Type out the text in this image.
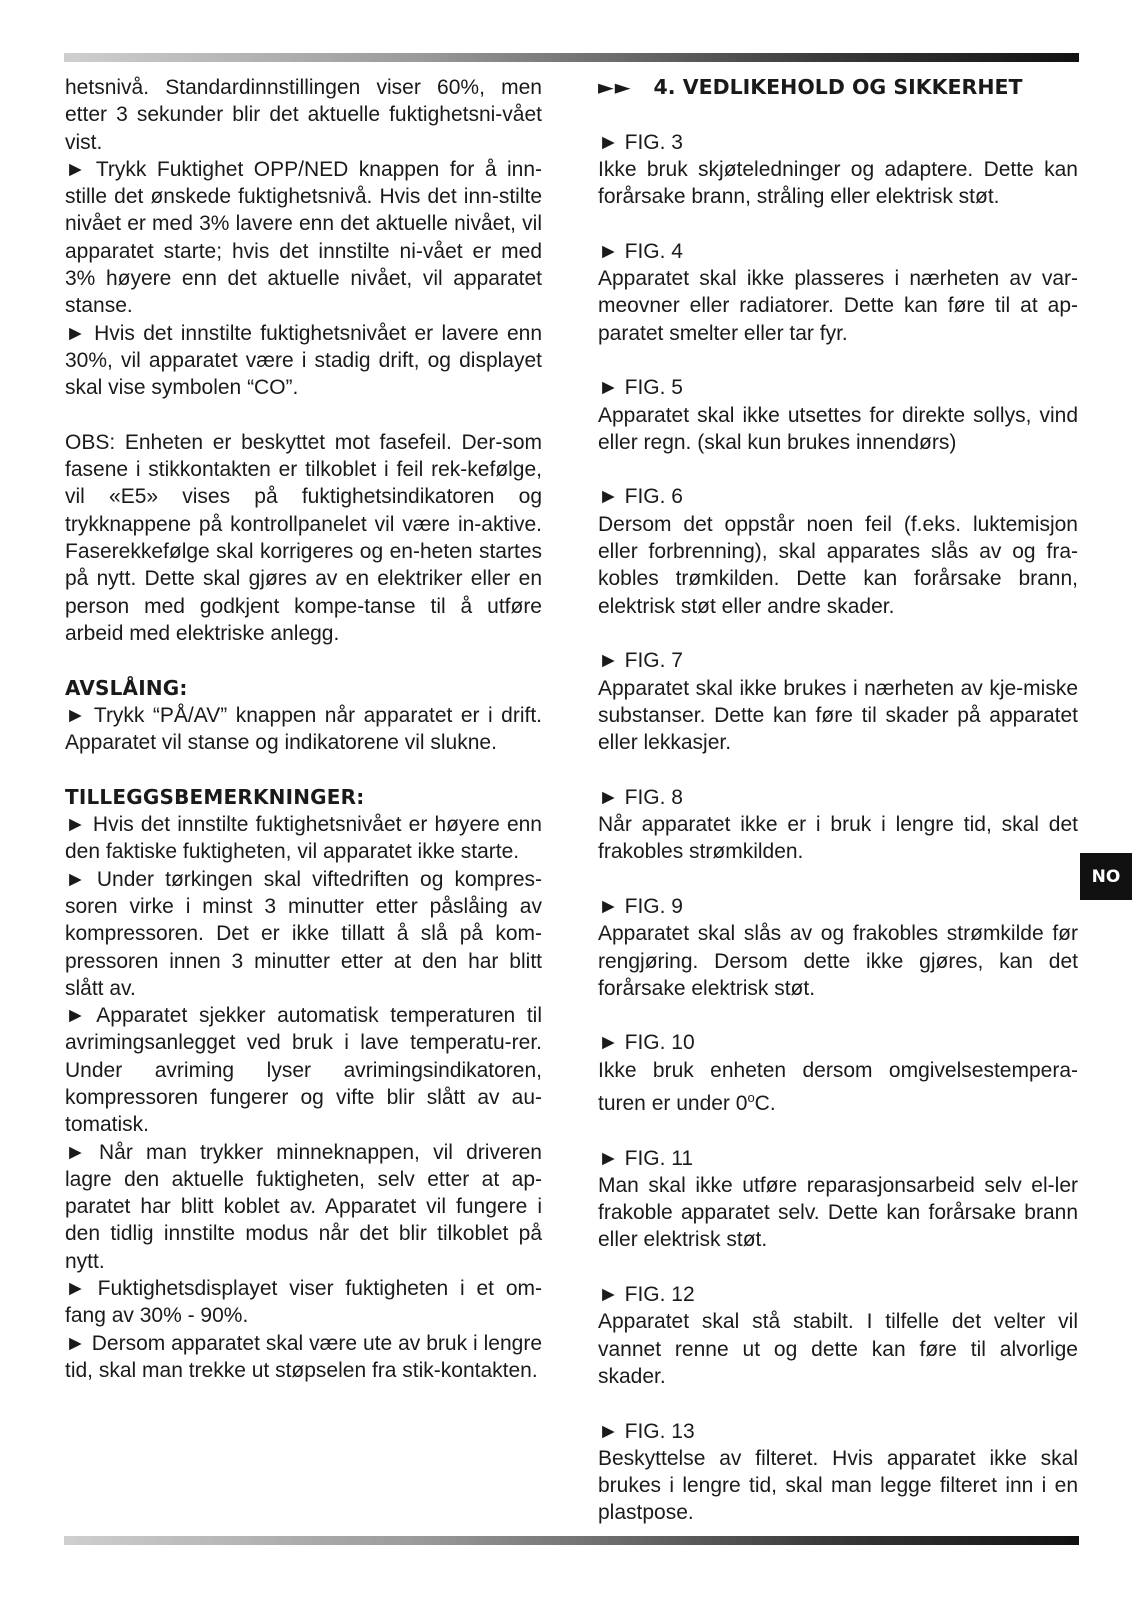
hetsnivå. Standardinnstillingen viser 60%, men etter 3 sekunder blir det aktuelle fuktighetsni-vået vist.

► Trykk Fuktighet OPP/NED knappen for å inn-stille det ønskede fuktighetsnivå. Hvis det inn-stilte nivået er med 3% lavere enn det aktuelle nivået, vil apparatet starte; hvis det innstilte ni-vået er med 3% høyere enn det aktuelle nivået, vil apparatet stanse.

► Hvis det innstilte fuktighetsnivået er lavere enn 30%, vil apparatet være i stadig drift, og displayet skal vise symbolen “CO”.

OBS: Enheten er beskyttet mot fasefeil. Der-som fasene i stikkontakten er tilkoblet i feil rek-kefølge, vil «E5» vises på fuktighetsindikatoren og trykknappene på kontrollpanelet vil være in-aktive. Faserekkefølge skal korrigeres og en-heten startes på nytt. Dette skal gjøres av en elektriker eller en person med godkjent kompe-tanse til å utføre arbeid med elektriske anlegg.

AVSLÅING:

► Trykk “PÅ/AV” knappen når apparatet er i drift. Apparatet vil stanse og indikatorene vil slukne.

TILLEGGSBEMERKNINGER:

► Hvis det innstilte fuktighetsnivået er høyere enn den faktiske fuktigheten, vil apparatet ikke starte.

► Under tørkingen skal viftedriften og kompres-soren virke i minst 3 minutter etter påslåing av kompressoren. Det er ikke tillatt å slå på kom-pressoren innen 3 minutter etter at den har blitt slått av.

► Apparatet sjekker automatisk temperaturen til avrimingsanlegget ved bruk i lave temperatu-rer. Under avriming lyser avrimingsindikatoren, kompressoren fungerer og vifte blir slått av au-tomatisk.

► Når man trykker minneknappen, vil driveren lagre den aktuelle fuktigheten, selv etter at ap-paratet har blitt koblet av. Apparatet vil fungere i den tidlig innstilte modus når det blir tilkoblet på nytt.

► Fuktighetsdisplayet viser fuktigheten i et om-fang av 30% - 90%.

► Dersom apparatet skal være ute av bruk i lengre tid, skal man trekke ut støpselen fra stik-kontakten.

►► 4. VEDLIKEHOLD OG SIKKERHET

► FIG. 3

Ikke bruk skjøteledninger og adaptere. Dette kan forårsake brann, stråling eller elektrisk støt.

► FIG. 4

Apparatet skal ikke plasseres i nærheten av var-meovner eller radiatorer. Dette kan føre til at ap-paratet smelter eller tar fyr.

► FIG. 5

Apparatet skal ikke utsettes for direkte sollys, vind eller regn. (skal kun brukes innendørs)

► FIG. 6

Dersom det oppstår noen feil (f.eks. luktemisjon eller forbrenning), skal apparates slås av og fra-kobles trømkilden. Dette kan forårsake brann, elektrisk støt eller andre skader.

► FIG. 7

Apparatet skal ikke brukes i nærheten av kje-miske substanser. Dette kan føre til skader på apparatet eller lekkasjer.

► FIG. 8

Når apparatet ikke er i bruk i lengre tid, skal det frakobles strømkilden.

► FIG. 9

Apparatet skal slås av og frakobles strømkilde før rengjøring. Dersom dette ikke gjøres, kan det forårsake elektrisk støt.

► FIG. 10

Ikke bruk enheten dersom omgivelsestempera-turen er under 0$^o$C.

► FIG. 11

Man skal ikke utføre reparasjonsarbeid selv el-ler frakoble apparatet selv. Dette kan forårsake brann eller elektrisk støt.

► FIG. 12

Apparatet skal stå stabilt. I tilfelle det velter vil vannet renne ut og dette kan føre til alvorlige skader.

► FIG. 13

Beskyttelse av filteret. Hvis apparatet ikke skal brukes i lengre tid, skal man legge filteret inn i en plastpose.

NO
